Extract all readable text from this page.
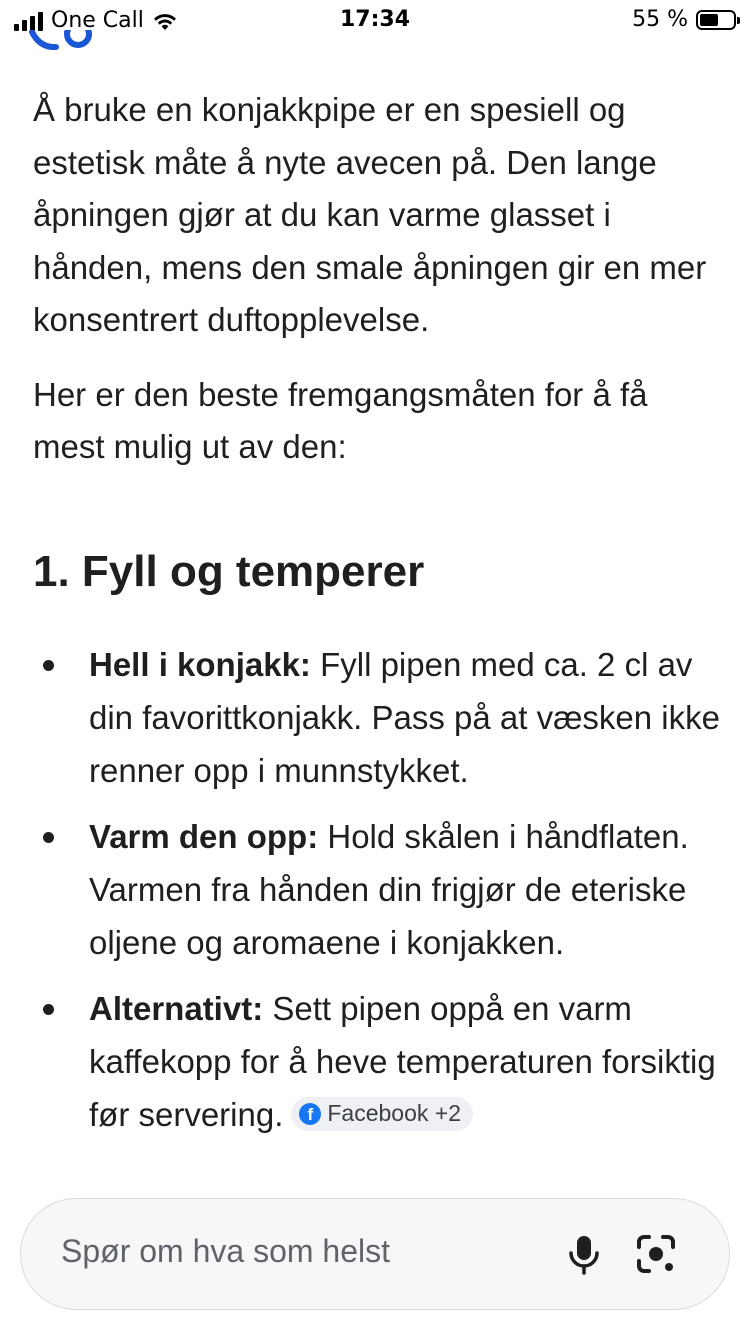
One Call	17:34	55 %

Å bruke en konjakkpipe er en spesiell og estetisk måte å nyte avecen på. Den lange åpningen gjør at du kan varme glasset i hånden, mens den smale åpningen gir en mer konsentrert duftopplevelse.

Her er den beste fremgangsmåten for å få mest mulig ut av den:

1. Fyll og temperer
Hell i konjakk: Fyll pipen med ca. 2 cl av din favorittkonjakk. Pass på at væsken ikke renner opp i munnstykket.
Varm den opp: Hold skålen i håndflaten. Varmen fra hånden din frigjør de eteriske oljene og aromaene i konjakken.
Alternativt: Sett pipen oppå en varm kaffekopp for å heve temperaturen forsiktig før servering.	f Facebook +2
Spør om hva som helst
